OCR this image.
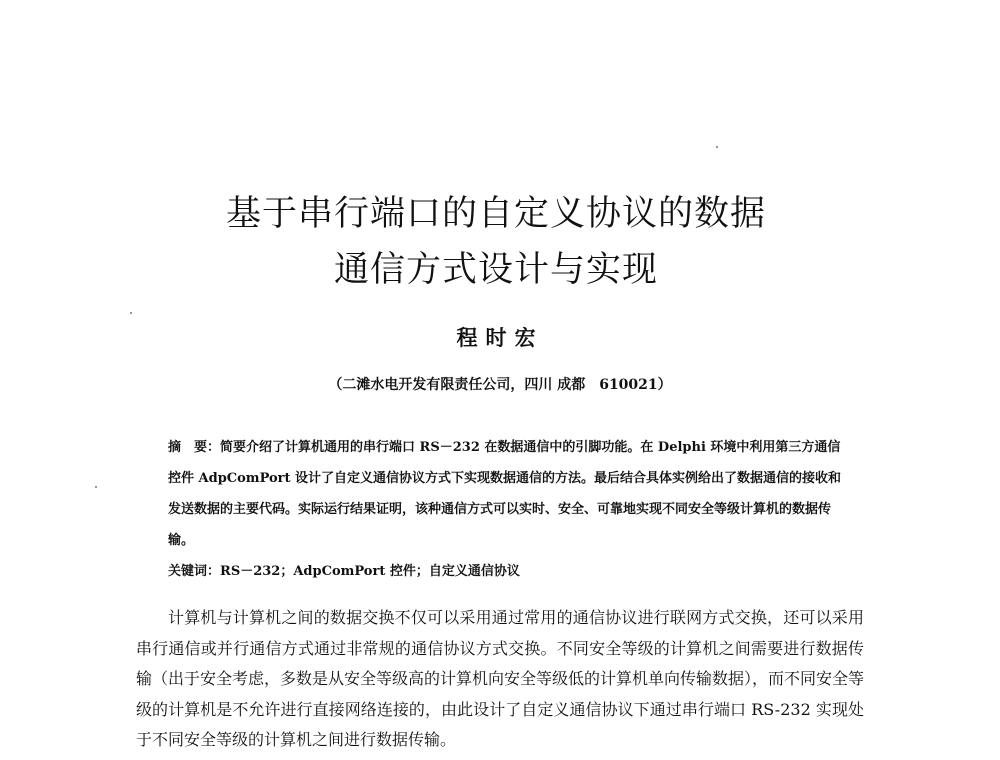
基于串行端口的自定义协议的数据
通信方式设计与实现
程时宏
（二滩水电开发有限责任公司，四川 成都　610021）

摘　要：简要介绍了计算机通用的串行端口 RS－232 在数据通信中的引脚功能。在 Delphi 环境中利用第三方通信控件 AdpComPort 设计了自定义通信协议方式下实现数据通信的方法。最后结合具体实例给出了数据通信的接收和发送数据的主要代码。实际运行结果证明，该种通信方式可以实时、安全、可靠地实现不同安全等级计算机的数据传输。

关键词：RS－232；AdpComPort 控件；自定义通信协议

计算机与计算机之间的数据交换不仅可以采用通过常用的通信协议进行联网方式交换，还可以采用串行通信或并行通信方式通过非常规的通信协议方式交换。不同安全等级的计算机之间需要进行数据传输（出于安全考虑，多数是从安全等级高的计算机向安全等级低的计算机单向传输数据），而不同安全等级的计算机是不允许进行直接网络连接的，由此设计了自定义通信协议下通过串行端口 RS-232 实现处于不同安全等级的计算机之间进行数据传输。
